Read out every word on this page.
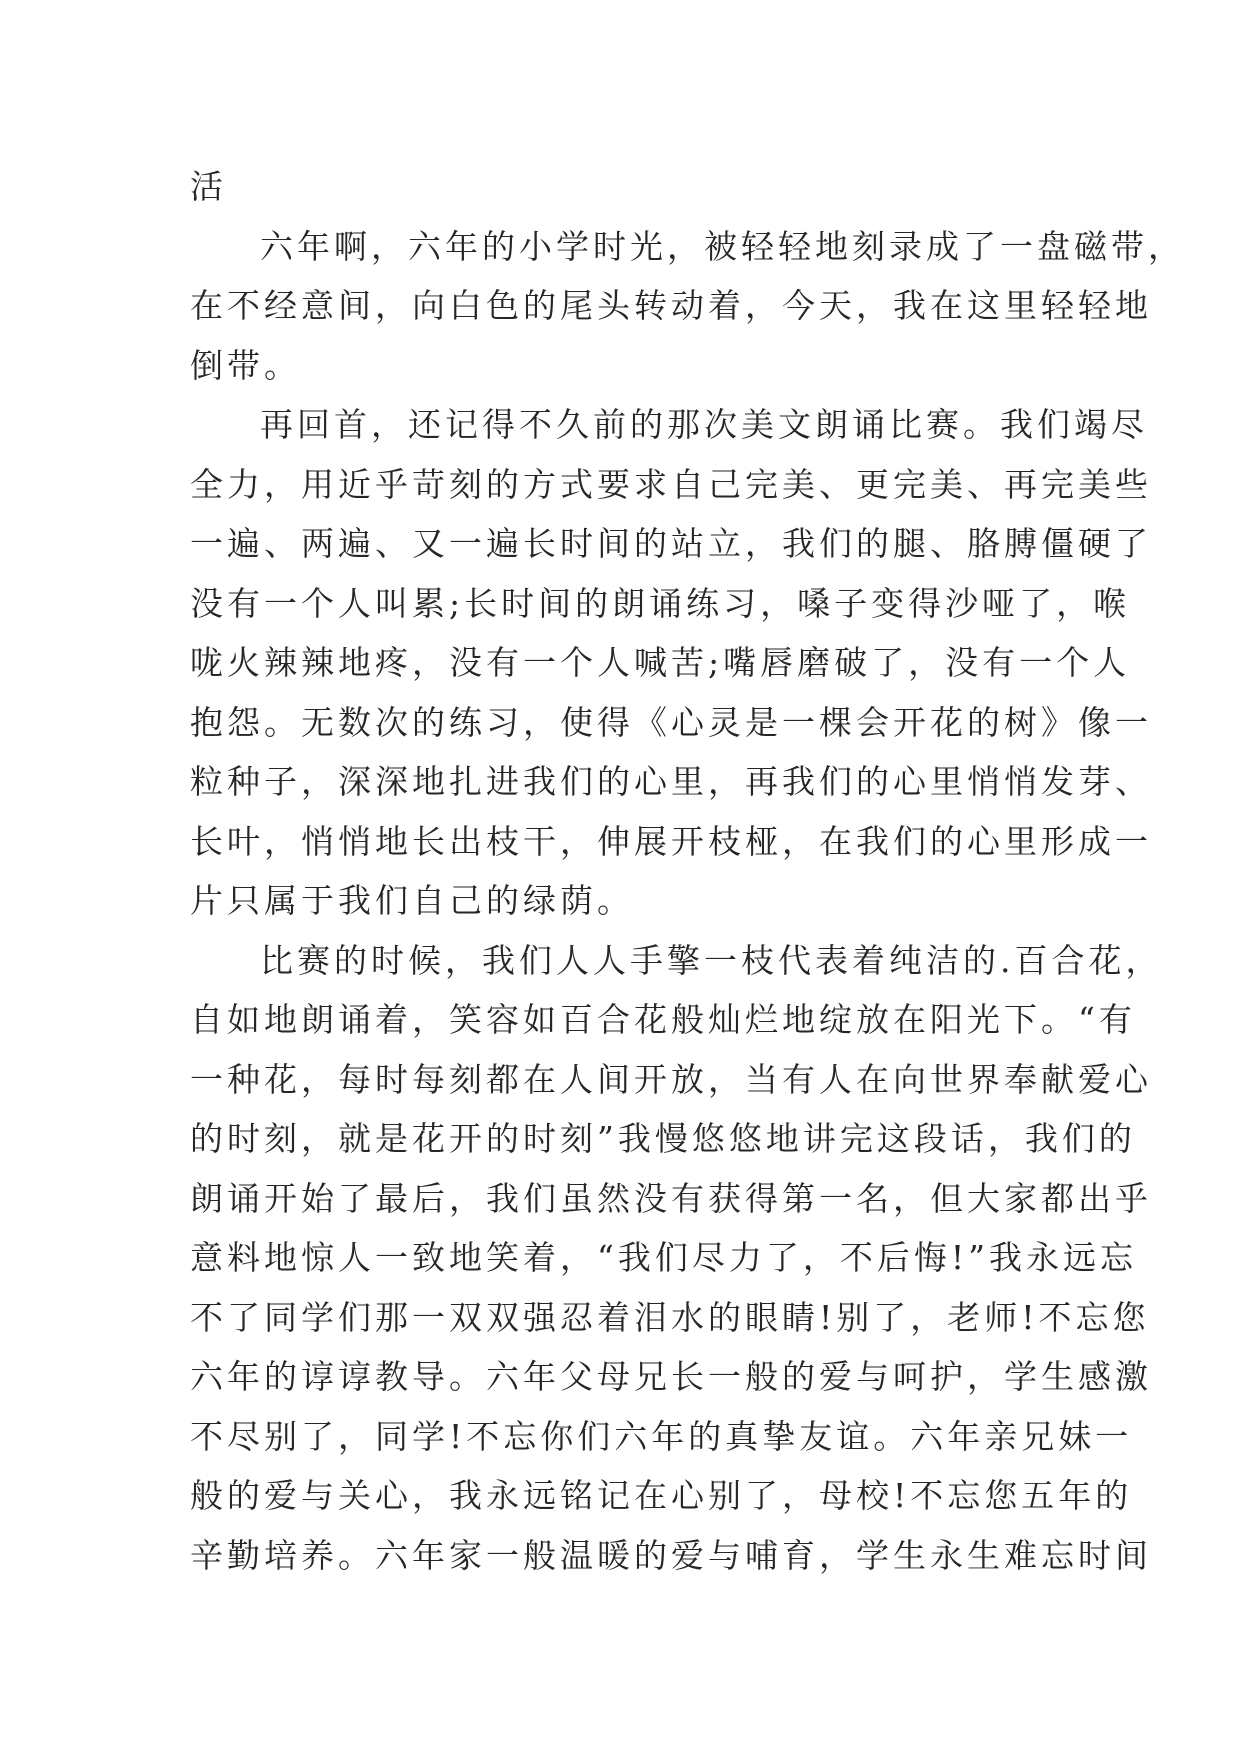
活
六年啊，六年的小学时光，被轻轻地刻录成了一盘磁带，
在不经意间，向白色的尾头转动着，今天，我在这里轻轻地
倒带。
再回首，还记得不久前的那次美文朗诵比赛。我们竭尽
全力，用近乎苛刻的方式要求自己完美、更完美、再完美些
一遍、两遍、又一遍长时间的站立，我们的腿、胳膊僵硬了
没有一个人叫累;长时间的朗诵练习，嗓子变得沙哑了，喉
咙火辣辣地疼，没有一个人喊苦;嘴唇磨破了，没有一个人
抱怨。无数次的练习，使得《心灵是一棵会开花的树》像一
粒种子，深深地扎进我们的心里，再我们的心里悄悄发芽、
长叶，悄悄地长出枝干，伸展开枝桠，在我们的心里形成一
片只属于我们自己的绿荫。
比赛的时候，我们人人手擎一枝代表着纯洁的.百合花，
自如地朗诵着，笑容如百合花般灿烂地绽放在阳光下。“有
一种花，每时每刻都在人间开放，当有人在向世界奉献爱心
的时刻，就是花开的时刻”我慢悠悠地讲完这段话，我们的
朗诵开始了最后，我们虽然没有获得第一名，但大家都出乎
意料地惊人一致地笑着，“我们尽力了，不后悔!”我永远忘
不了同学们那一双双强忍着泪水的眼睛!别了，老师!不忘您
六年的谆谆教导。六年父母兄长一般的爱与呵护，学生感激
不尽别了，同学!不忘你们六年的真挚友谊。六年亲兄妹一
般的爱与关心，我永远铭记在心别了，母校!不忘您五年的
辛勤培养。六年家一般温暖的爱与哺育，学生永生难忘时间
